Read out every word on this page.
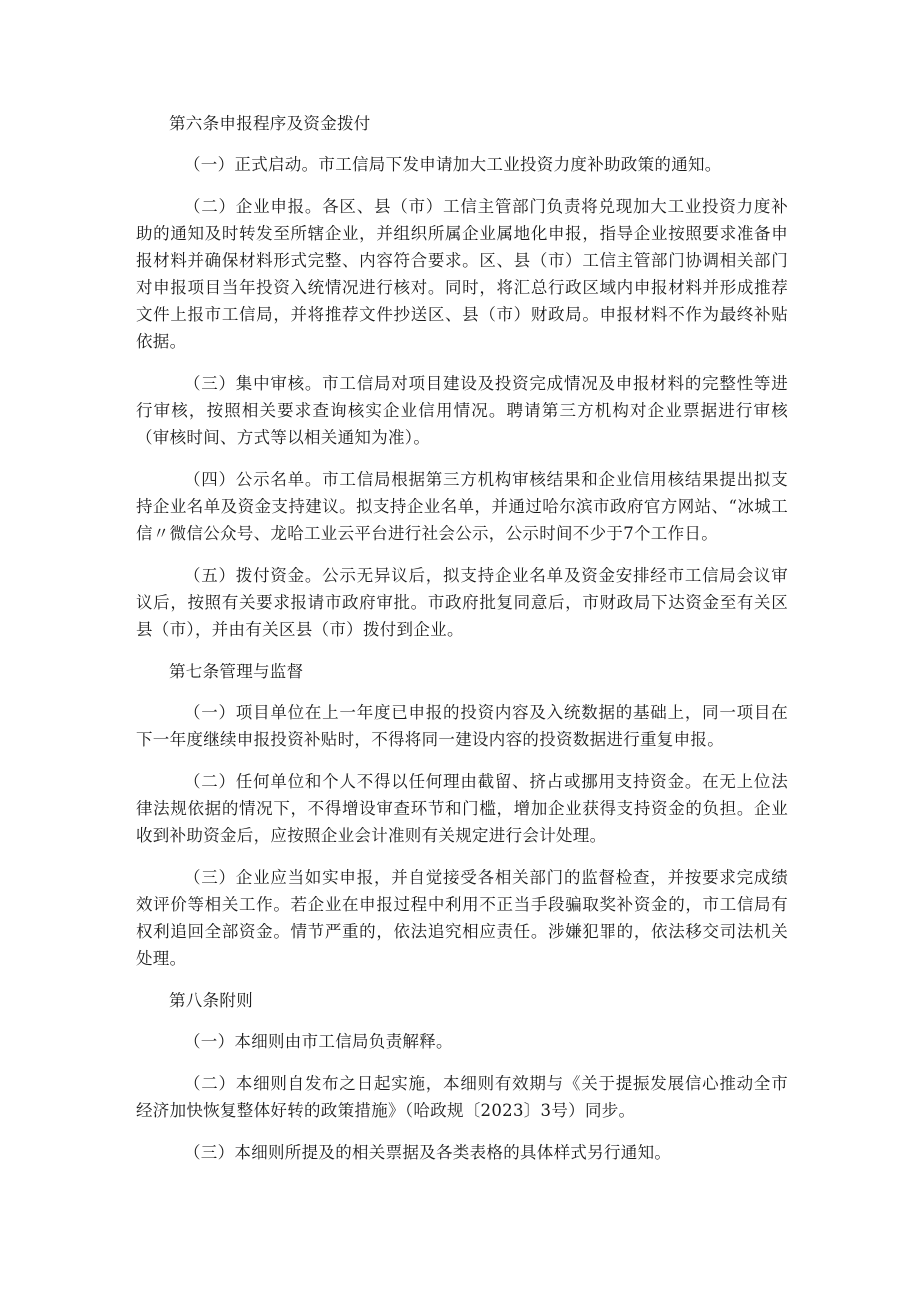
第六条申报程序及资金拨付

（一）正式启动。市工信局下发申请加大工业投资力度补助政策的通知。

（二）企业申报。各区、县（市）工信主管部门负责将兑现加大工业投资力度补助的通知及时转发至所辖企业，并组织所属企业属地化申报，指导企业按照要求准备申报材料并确保材料形式完整、内容符合要求。区、县（市）工信主管部门协调相关部门对申报项目当年投资入统情况进行核对。同时，将汇总行政区域内申报材料并形成推荐文件上报市工信局，并将推荐文件抄送区、县（市）财政局。申报材料不作为最终补贴依据。

（三）集中审核。市工信局对项目建设及投资完成情况及申报材料的完整性等进行审核，按照相关要求查询核实企业信用情况。聘请第三方机构对企业票据进行审核（审核时间、方式等以相关通知为准）。

（四）公示名单。市工信局根据第三方机构审核结果和企业信用核结果提出拟支持企业名单及资金支持建议。拟支持企业名单，并通过哈尔滨市政府官方网站、“冰城工信〃微信公众号、龙哈工业云平台进行社会公示，公示时间不少于7个工作日。

（五）拨付资金。公示无异议后，拟支持企业名单及资金安排经市工信局会议审议后，按照有关要求报请市政府审批。市政府批复同意后，市财政局下达资金至有关区县（市），并由有关区县（市）拨付到企业。

第七条管理与监督

（一）项目单位在上一年度已申报的投资内容及入统数据的基础上，同一项目在下一年度继续申报投资补贴时，不得将同一建设内容的投资数据进行重复申报。

（二）任何单位和个人不得以任何理由截留、挤占或挪用支持资金。在无上位法律法规依据的情况下，不得增设审查环节和门槛，增加企业获得支持资金的负担。企业收到补助资金后，应按照企业会计准则有关规定进行会计处理。

（三）企业应当如实申报，并自觉接受各相关部门的监督检查，并按要求完成绩效评价等相关工作。若企业在申报过程中利用不正当手段骗取奖补资金的，市工信局有权利追回全部资金。情节严重的，依法追究相应责任。涉嫌犯罪的，依法移交司法机关处理。

第八条附则

（一）本细则由市工信局负责解释。

（二）本细则自发布之日起实施，本细则有效期与《关于提振发展信心推动全市经济加快恢复整体好转的政策措施》（哈政规〔2023〕3号）同步。

（三）本细则所提及的相关票据及各类表格的具体样式另行通知。
